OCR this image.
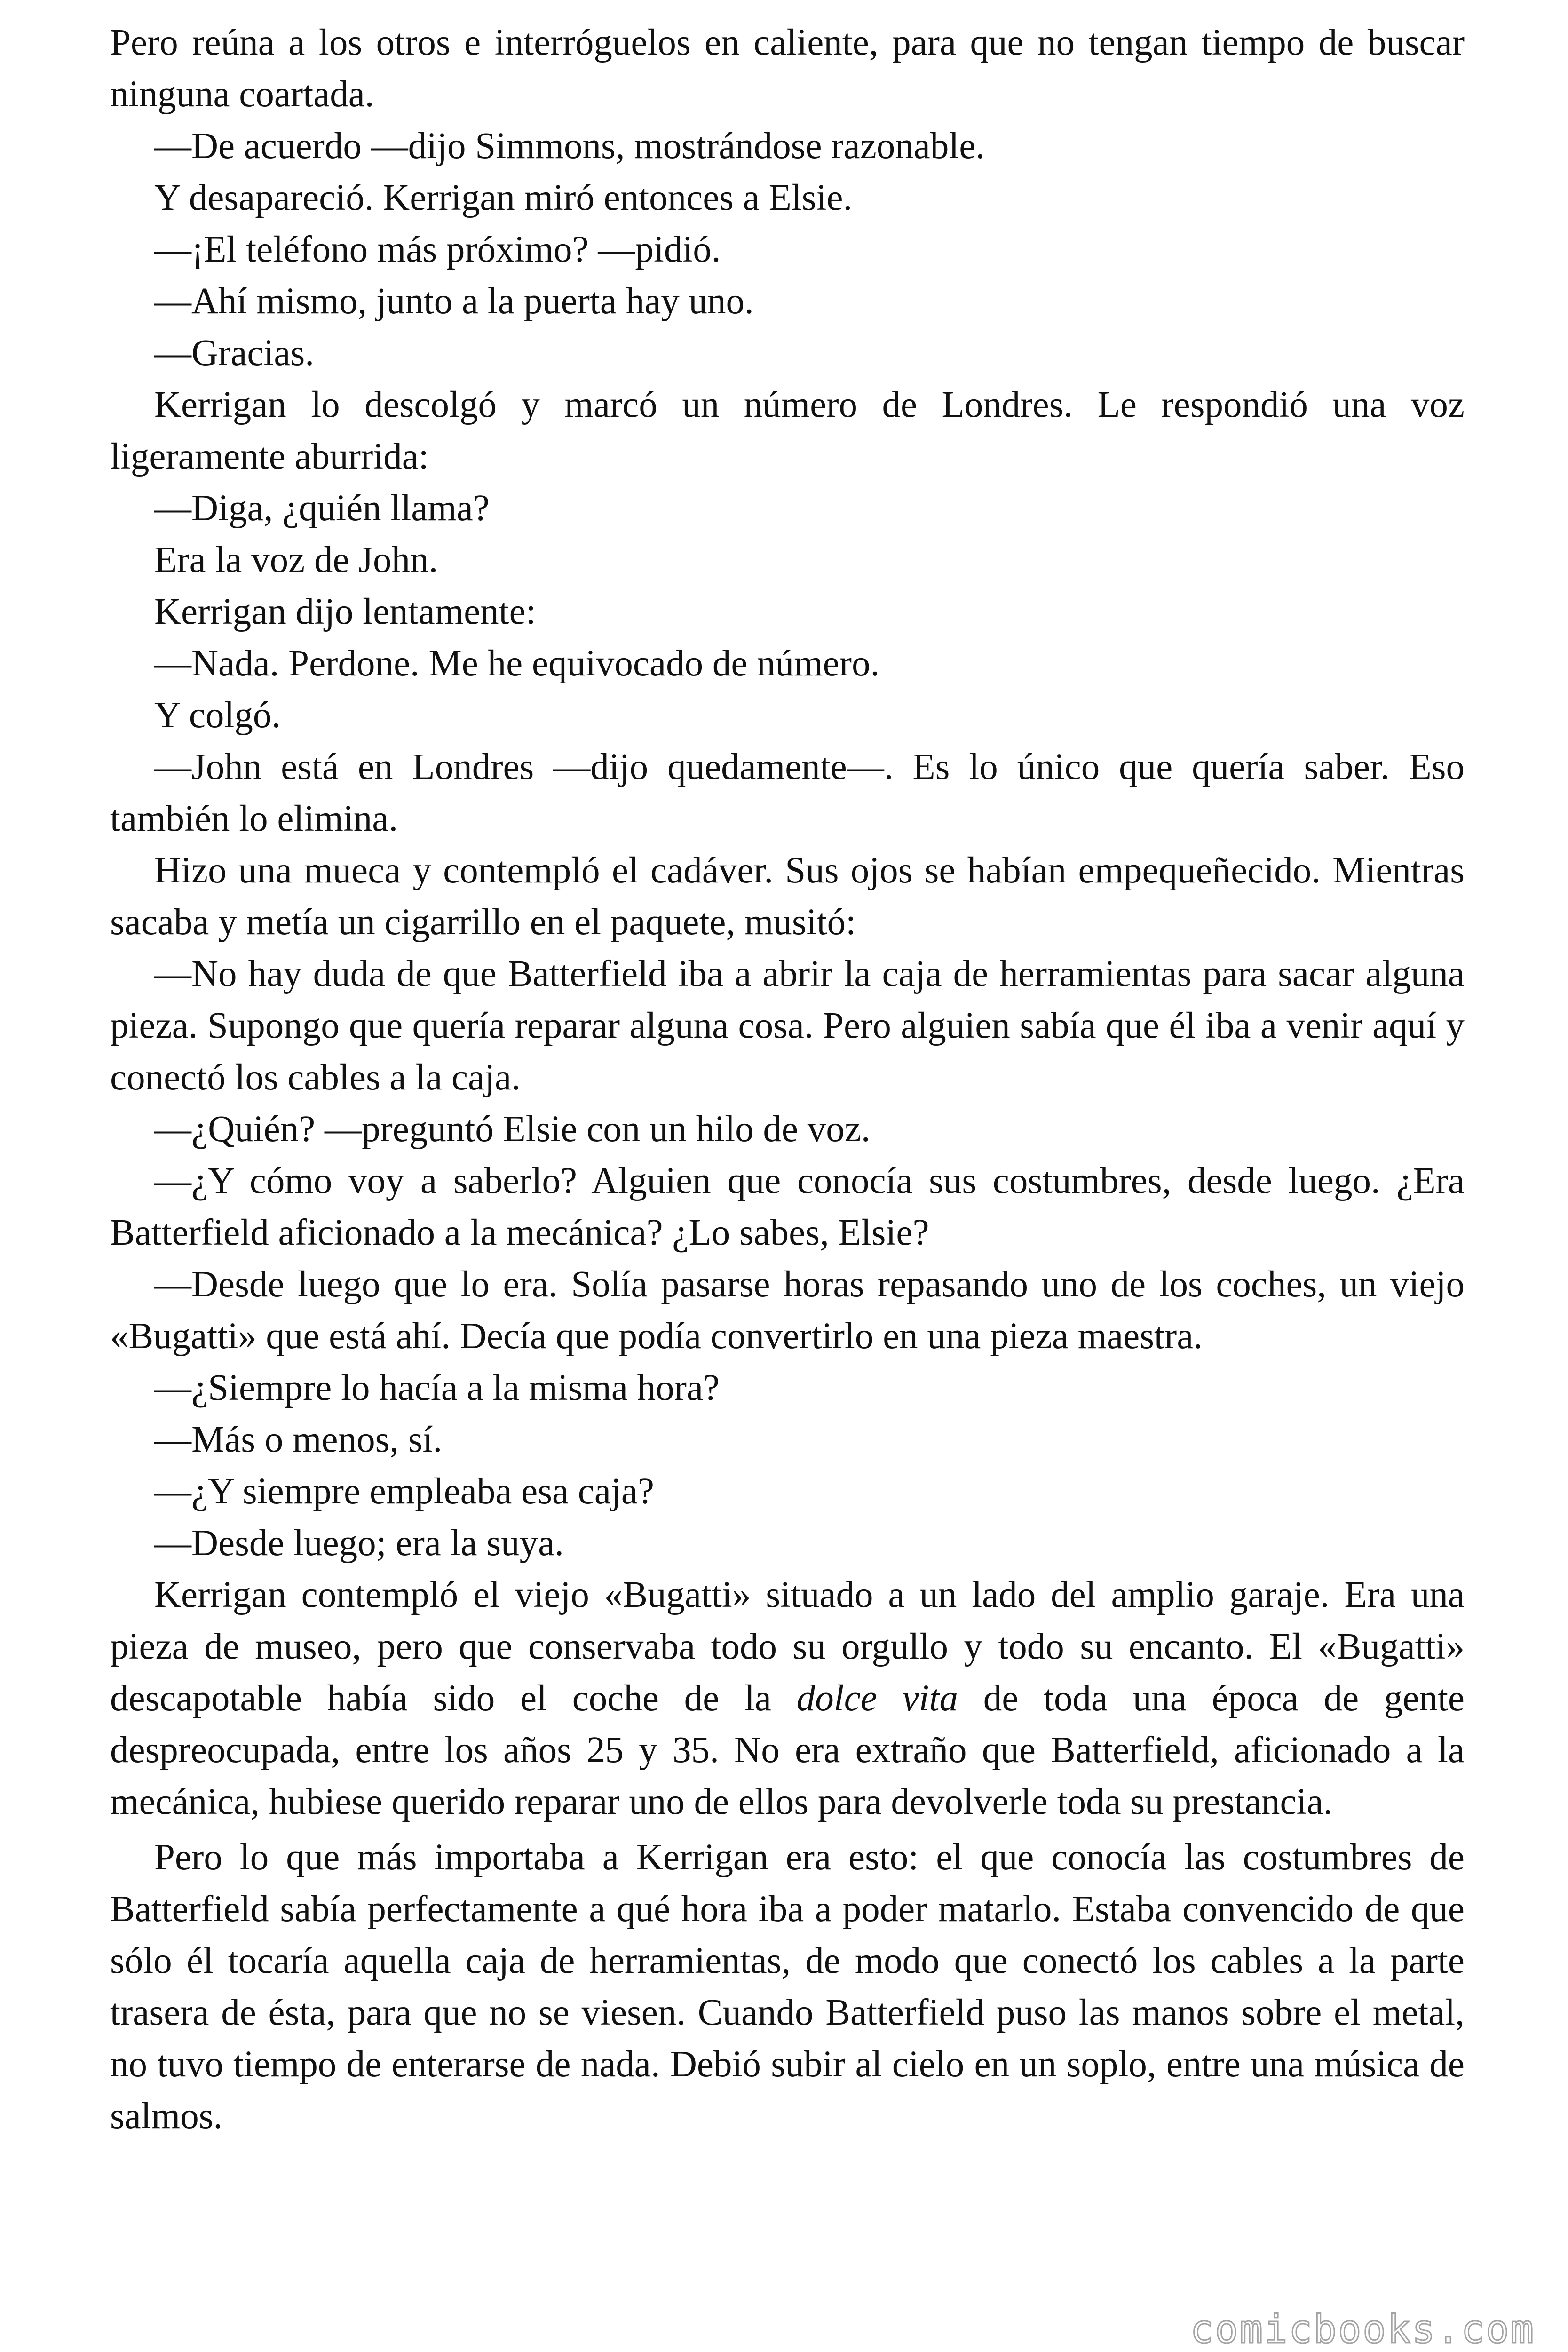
Pero reúna a los otros e interróguelos en caliente, para que no tengan tiempo de buscar ninguna coartada.

—De acuerdo —dijo Simmons, mostrándose razonable.

Y desapareció. Kerrigan miró entonces a Elsie.

—¡El teléfono más próximo? —pidió.

—Ahí mismo, junto a la puerta hay uno.

—Gracias.

Kerrigan lo descolgó y marcó un número de Londres. Le respondió una voz ligeramente aburrida:

—Diga, ¿quién llama?

Era la voz de John.

Kerrigan dijo lentamente:

—Nada. Perdone. Me he equivocado de número.

Y colgó.

—John está en Londres —dijo quedamente—. Es lo único que quería saber. Eso también lo elimina.

Hizo una mueca y contempló el cadáver. Sus ojos se habían empequeñecido. Mientras sacaba y metía un cigarrillo en el paquete, musitó:

—No hay duda de que Batterfield iba a abrir la caja de herramientas para sacar alguna pieza. Supongo que quería reparar alguna cosa. Pero alguien sabía que él iba a venir aquí y conectó los cables a la caja.

—¿Quién? —preguntó Elsie con un hilo de voz.

—¿Y cómo voy a saberlo? Alguien que conocía sus costumbres, desde luego. ¿Era Batterfield aficionado a la mecánica? ¿Lo sabes, Elsie?

—Desde luego que lo era. Solía pasarse horas repasando uno de los coches, un viejo «Bugatti» que está ahí. Decía que podía convertirlo en una pieza maestra.

—¿Siempre lo hacía a la misma hora?

—Más o menos, sí.

—¿Y siempre empleaba esa caja?

—Desde luego; era la suya.

Kerrigan contempló el viejo «Bugatti» situado a un lado del amplio garaje. Era una pieza de museo, pero que conservaba todo su orgullo y todo su encanto. El «Bugatti» descapotable había sido el coche de la dolce vita de toda una época de gente despreocupada, entre los años 25 y 35. No era extraño que Batterfield, aficionado a la mecánica, hubiese querido reparar uno de ellos para devolverle toda su prestancia.

Pero lo que más importaba a Kerrigan era esto: el que conocía las costumbres de Batterfield sabía perfectamente a qué hora iba a poder matarlo. Estaba convencido de que sólo él tocaría aquella caja de herramientas, de modo que conectó los cables a la parte trasera de ésta, para que no se viesen. Cuando Batterfield puso las manos sobre el metal, no tuvo tiempo de enterarse de nada. Debió subir al cielo en un soplo, entre una música de salmos.

comicbooks.com
